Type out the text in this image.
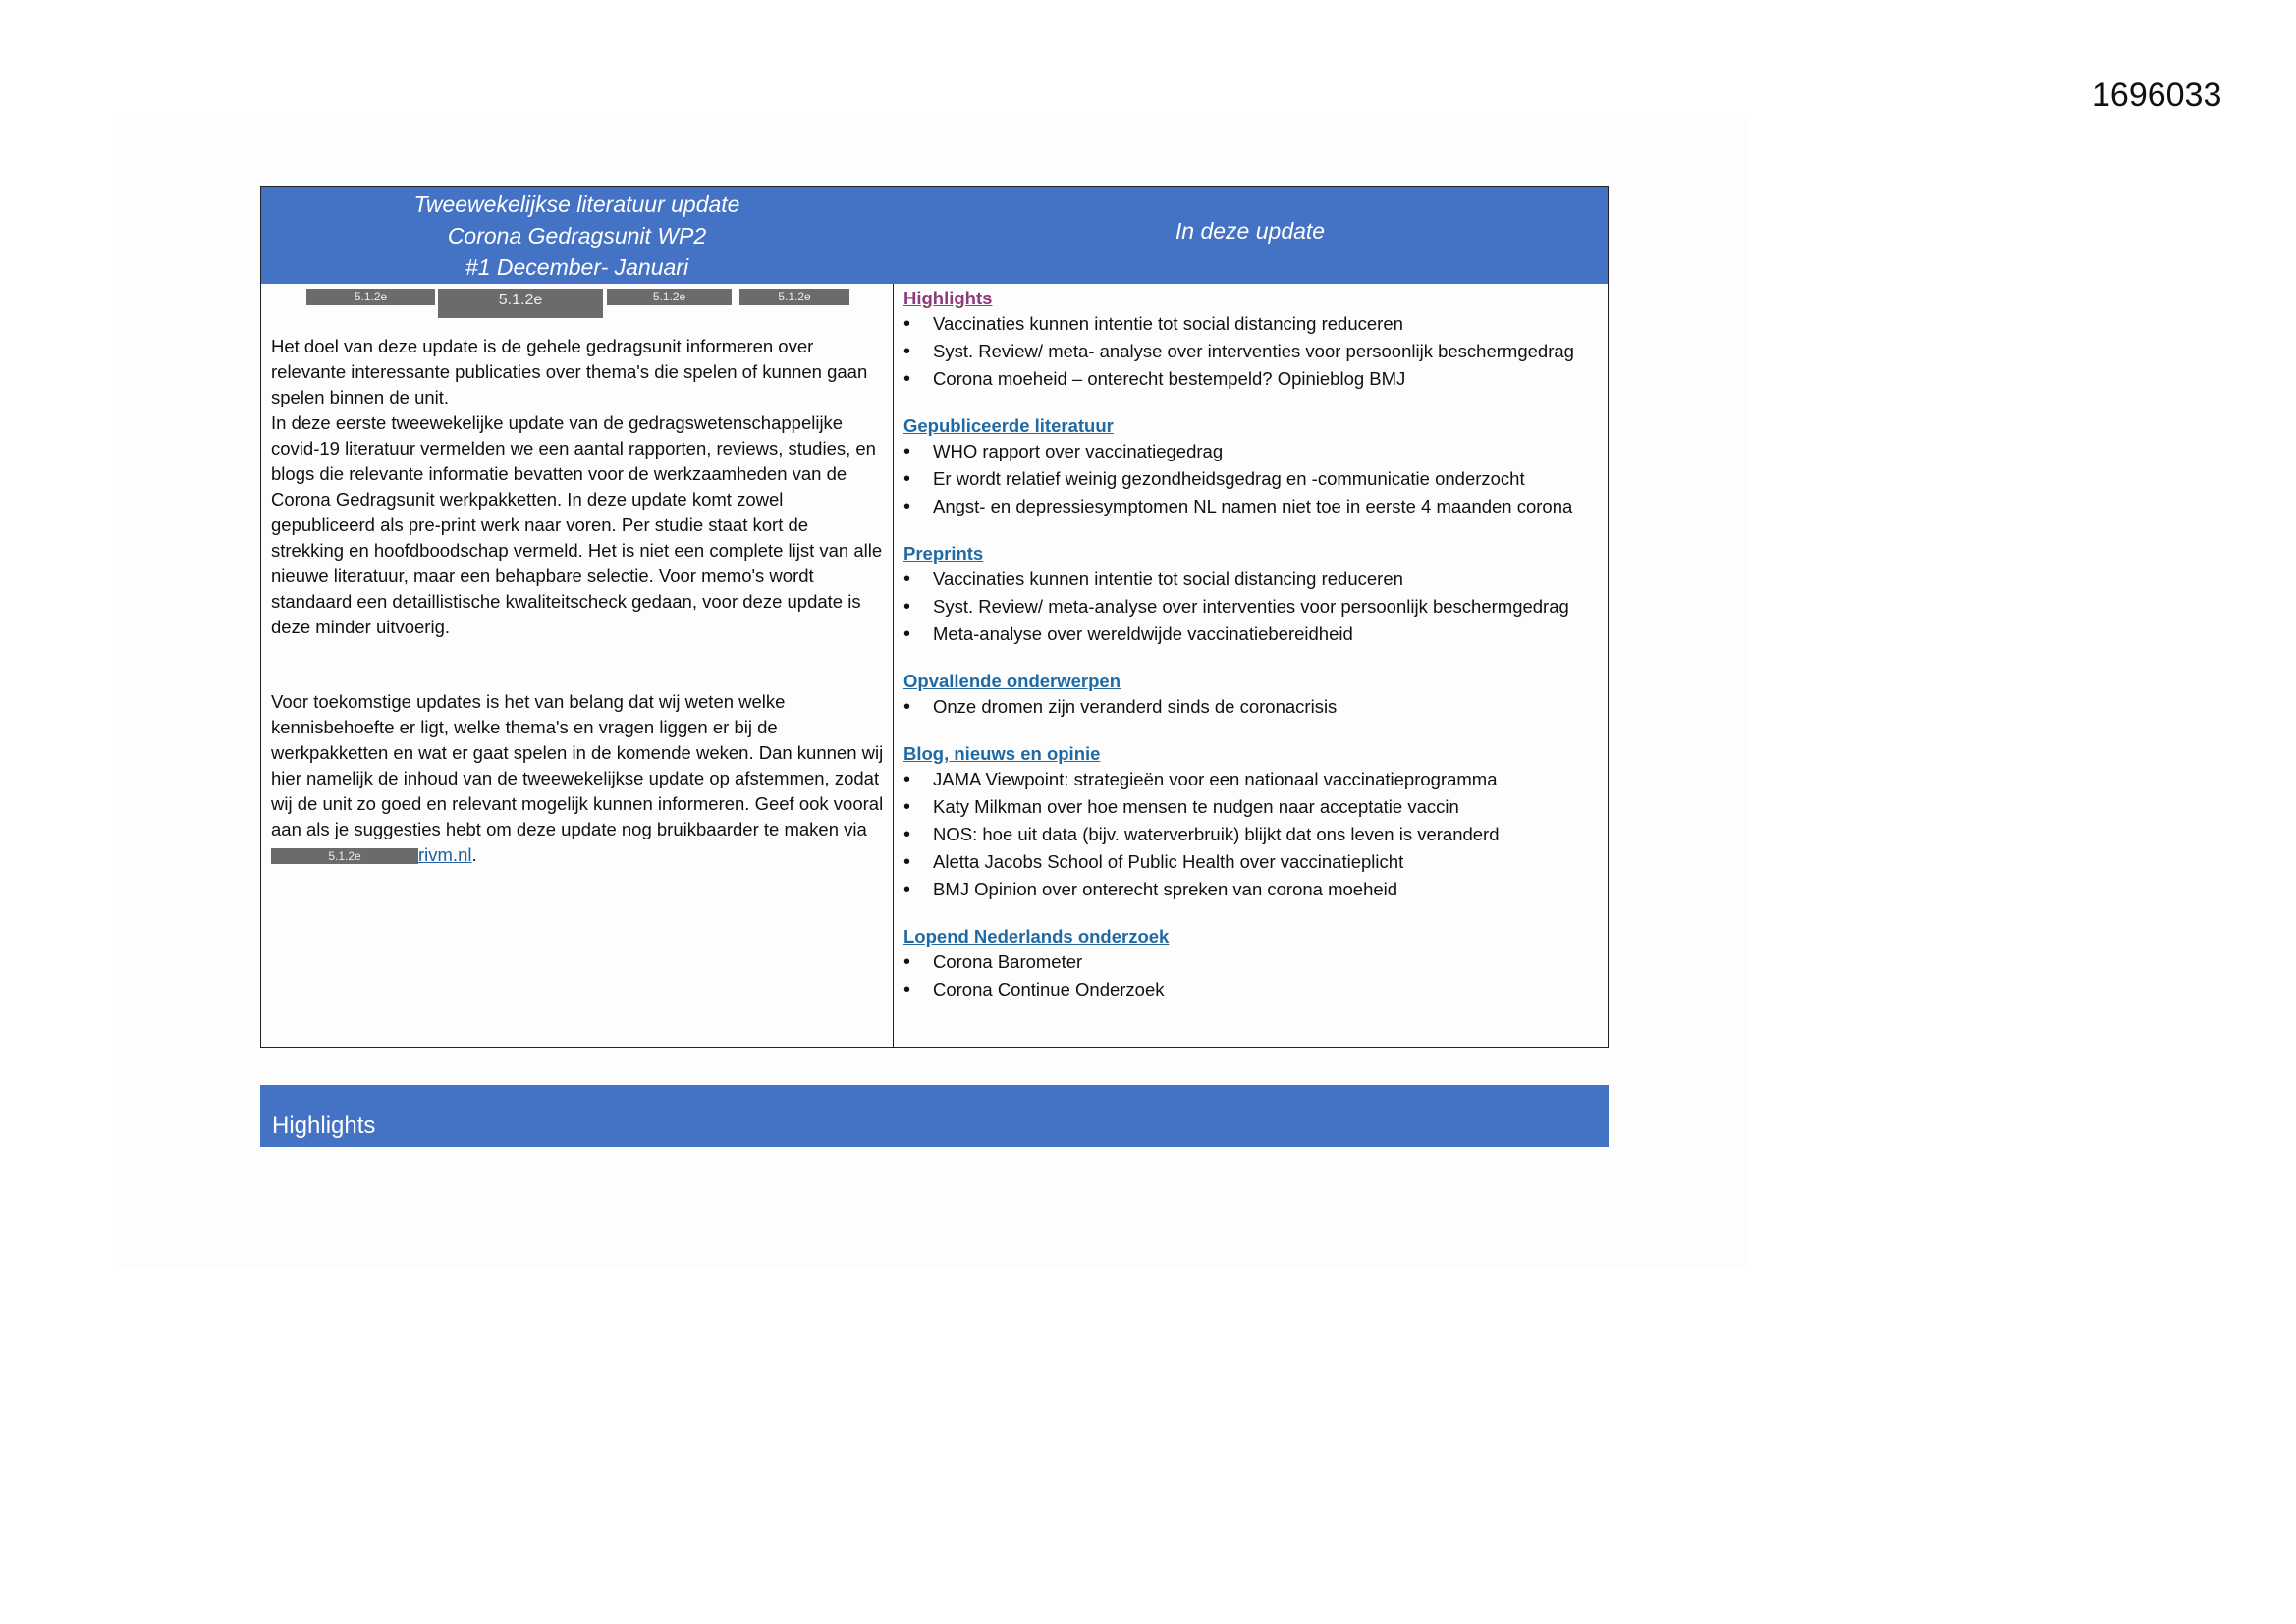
1696033
Tweewekelijkse literatuur update
Corona Gedragsunit WP2
#1 December- Januari
In deze update
5.1.2e	5.1.2e	5.1.2e	5.1.2e

Het doel van deze update is de gehele gedragsunit informeren over relevante interessante publicaties over thema's die spelen of kunnen gaan spelen binnen de unit.
In deze eerste tweewekelijke update van de gedragswetenschappelijke covid-19 literatuur vermelden we een aantal rapporten, reviews, studies, en blogs die relevante informatie bevatten voor de werkzaamheden van de Corona Gedragsunit werkpakketten. In deze update komt zowel gepubliceerd als pre-print werk naar voren. Per studie staat kort de strekking en hoofdboodschap vermeld. Het is niet een complete lijst van alle nieuwe literatuur, maar een behapbare selectie. Voor memo's wordt standaard een detaillistische kwaliteitscheck gedaan, voor deze update is deze minder uitvoerig.

Voor toekomstige updates is het van belang dat wij weten welke kennisbehoefte er ligt, welke thema's en vragen liggen er bij de werkpakketten en wat er gaat spelen in de komende weken. Dan kunnen wij hier namelijk de inhoud van de tweewekelijkse update op afstemmen, zodat wij de unit zo goed en relevant mogelijk kunnen informeren. Geef ook vooral aan als je suggesties hebt om deze update nog bruikbaarder te maken via 5.1.2e	rivm.nl.

Highlights
• Vaccinaties kunnen intentie tot social distancing reduceren
• Syst. Review/ meta- analyse over interventies voor persoonlijk beschermgedrag
• Corona moeheid – onterecht bestempeld? Opinieblog BMJ
Gepubliceerde literatuur
• WHO rapport over vaccinatiegedrag
• Er wordt relatief weinig gezondheidsgedrag en -communicatie onderzocht
• Angst- en depressiesymptomen NL namen niet toe in eerste 4 maanden corona
Preprints
• Vaccinaties kunnen intentie tot social distancing reduceren
• Syst. Review/ meta-analyse over interventies voor persoonlijk beschermgedrag
• Meta-analyse over wereldwijde vaccinatiebereidheid
Opvallende onderwerpen
• Onze dromen zijn veranderd sinds de coronacrisis
Blog, nieuws en opinie
• JAMA Viewpoint: strategieën voor een nationaal vaccinatieprogramma
• Katy Milkman over hoe mensen te nudgen naar acceptatie vaccin
• NOS: hoe uit data (bijv. waterverbruik) blijkt dat ons leven is veranderd
• Aletta Jacobs School of Public Health over vaccinatieplicht
• BMJ Opinion over onterecht spreken van corona moeheid
Lopend Nederlands onderzoek
• Corona Barometer
• Corona Continue Onderzoek
Highlights
